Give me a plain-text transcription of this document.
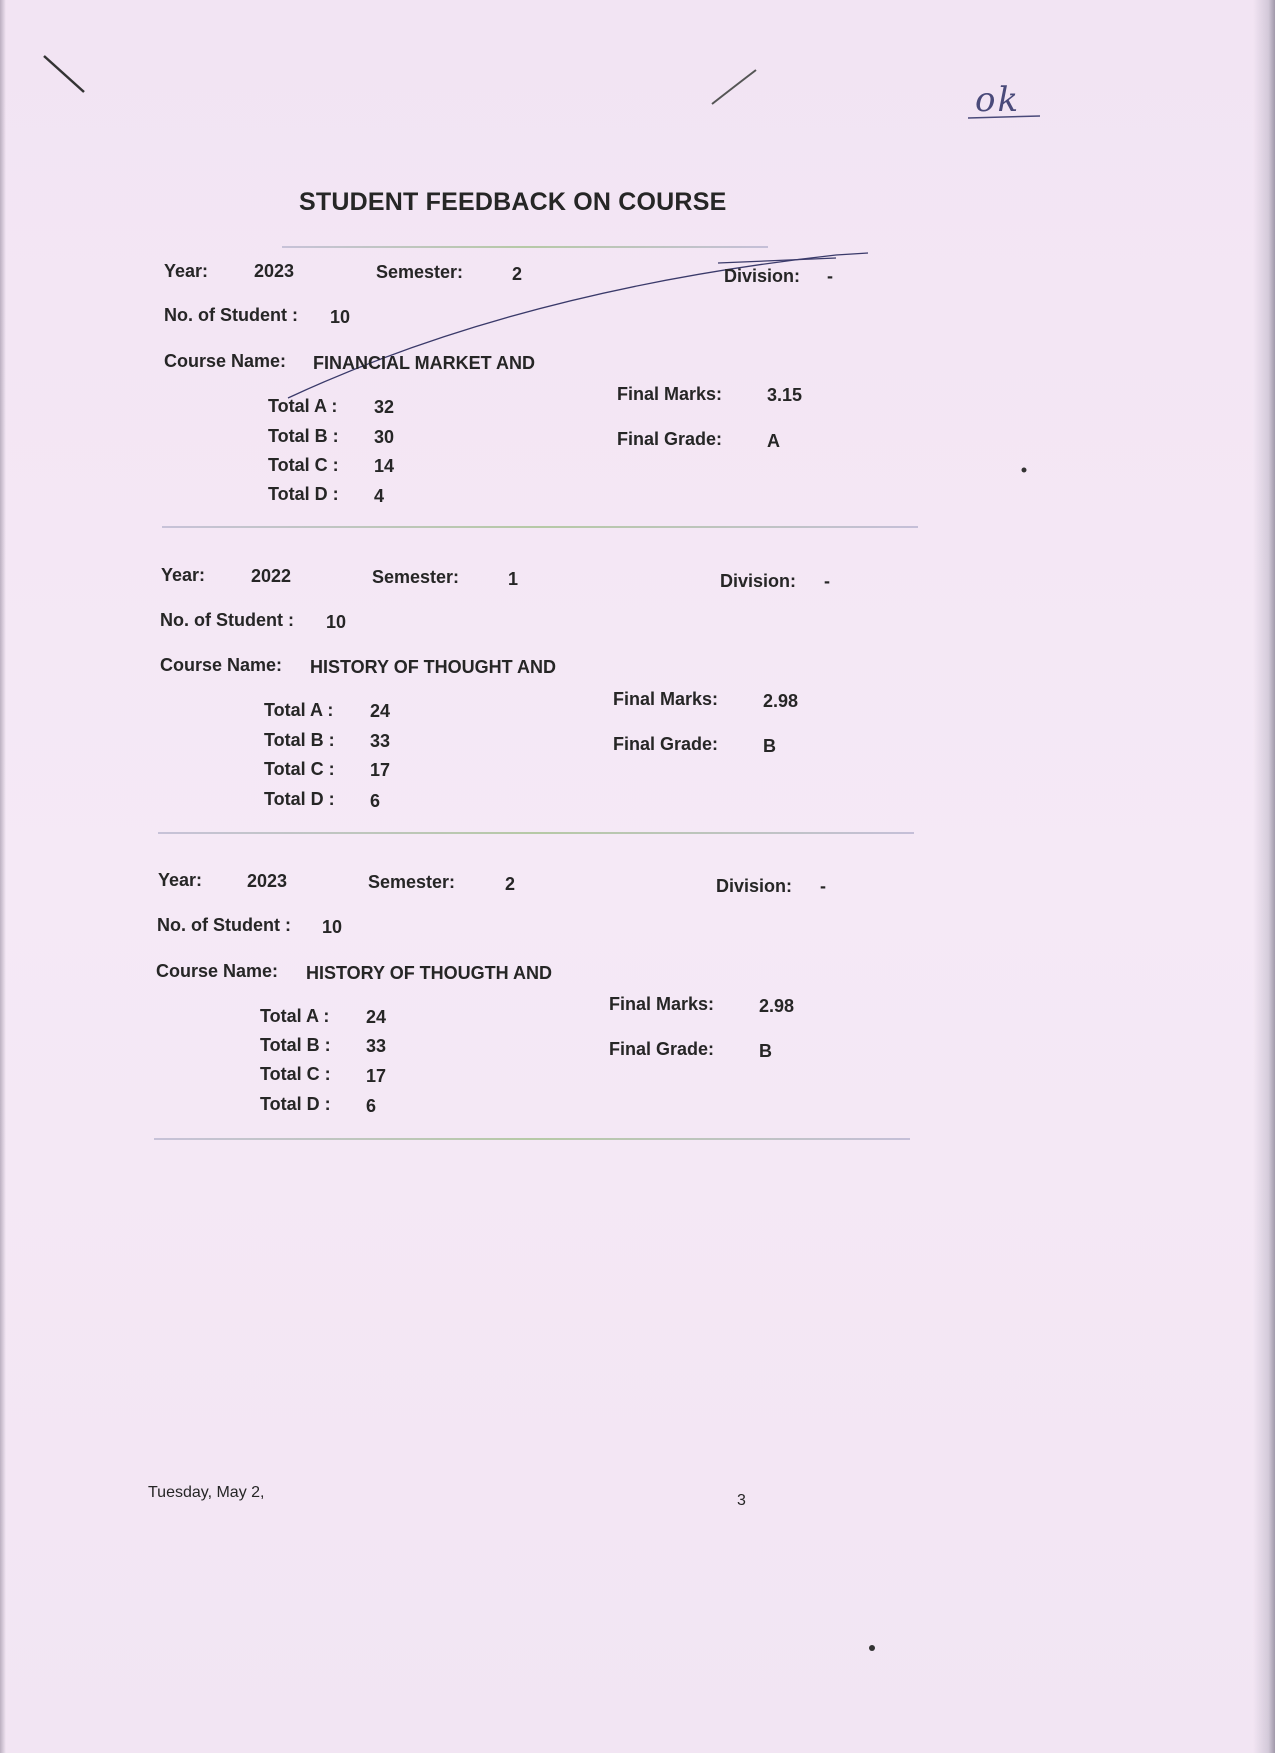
ok
STUDENT FEEDBACK ON COURSE
Year:	2023	Semester:	2	Division: -
No. of Student : 10
Course Name: FINANCIAL MARKET AND
Total A : 32
Total B : 30
Total C : 14
Total D : 4
Final Marks: 3.15
Final Grade: A
Year:	2022	Semester:	1	Division: -
No. of Student : 10
Course Name: HISTORY OF THOUGHT AND
Total A : 24
Total B : 33
Total C : 17
Total D : 6
Final Marks: 2.98
Final Grade: B
Year: 2023	Semester:	2	Division: -
No. of Student : 10
Course Name: HISTORY OF THOUGTH AND
Total A : 24
Total B : 33
Total C : 17
Total D : 6
Final Marks: 2.98
Final Grade: B
Tuesday, May 2,	3
